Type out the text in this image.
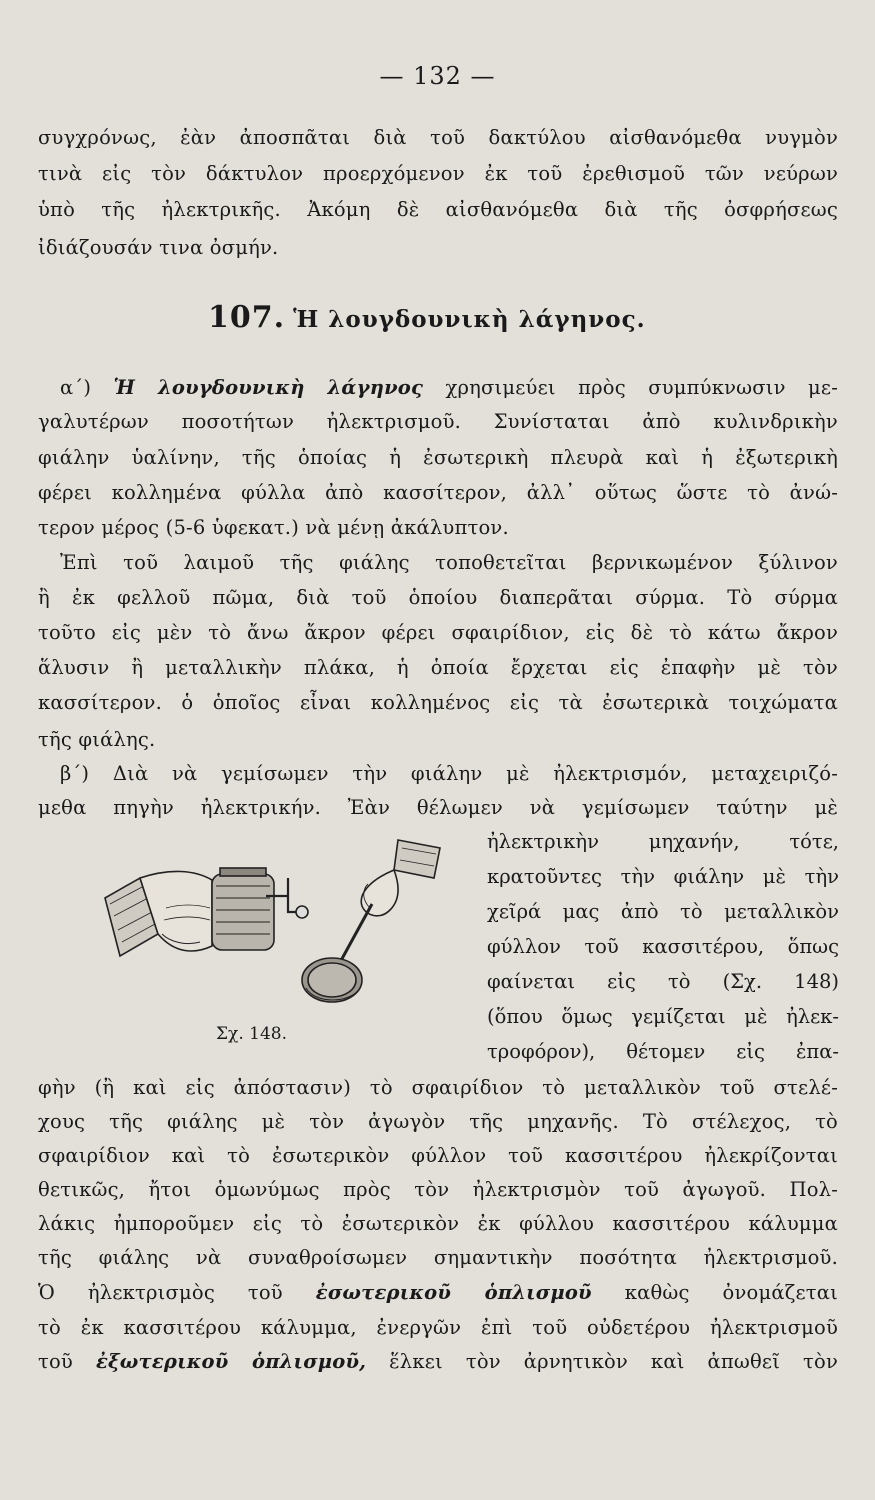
— 132 —
συγχρόνως, ἐὰν ἀποσπᾶται διὰ τοῦ δακτύλου αἰσθανόμεθα νυγμὸν
τινὰ εἰς τὸν δάκτυλον προερχόμενον ἐκ τοῦ ἐρεθισμοῦ τῶν νεύρων
ὑπὸ τῆς ἠλεκτρικῆς. Ἀκόμη δὲ αἰσθανόμεθα διὰ τῆς ὀσφρήσεως
ἰδιάζουσάν τινα ὀσμήν.
107. Ἡ λουγδουνικὴ λάγηνος.
α΄) Ἡ λουγδουνικὴ λάγηνος χρησιμεύει πρὸς συμπύκνωσιν με-
γαλυτέρων ποσοτήτων ἠλεκτρισμοῦ. Συνίσταται ἀπὸ κυλινδρικὴν
φιάλην ὑαλίνην, τῆς ὁποίας ἡ ἐσωτερικὴ πλευρὰ καὶ ἡ ἐξωτερικὴ
φέρει κολλημένα φύλλα ἀπὸ κασσίτερον, ἀλλ᾽ οὕτως ὥστε τὸ ἀνώ-
τερον μέρος (5-6 ὑφεκατ.) νὰ μένῃ ἀκάλυπτον.
Ἐπὶ τοῦ λαιμοῦ τῆς φιάλης τοποθετεῖται βερνικωμένον ξύλινον
ἢ ἐκ φελλοῦ πῶμα, διὰ τοῦ ὁποίου διαπερᾶται σύρμα. Τὸ σύρμα
τοῦτο εἰς μὲν τὸ ἄνω ἄκρον φέρει σφαιρίδιον, εἰς δὲ τὸ κάτω ἄκρον
ἅλυσιν ἢ μεταλλικὴν πλάκα, ἡ ὁποία ἔρχεται εἰς ἐπαφὴν μὲ τὸν
κασσίτερον. ὁ ὁποῖος εἶναι κολλημένος εἰς τὰ ἐσωτερικὰ τοιχώματα
τῆς φιάλης.
β΄) Διὰ νὰ γεμίσωμεν τὴν φιάλην μὲ ἠλεκτρισμόν, μεταχειριζό-
μεθα πηγὴν ἠλεκτρικήν. Ἐὰν θέλωμεν νὰ γεμίσωμεν ταύτην μὲ
ἠλεκτρικὴν μηχανήν, τότε,
κρατοῦντες τὴν φιάλην μὲ τὴν
χεῖρά μας ἀπὸ τὸ μεταλλικὸν
φύλλον τοῦ κασσιτέρου, ὅπως
φαίνεται εἰς τὸ (Σχ. 148)
(ὅπου ὅμως γεμίζεται μὲ ἠλεκ-
τροφόρον), θέτομεν εἰς ἐπα-
Σχ. 148.
φὴν (ἢ καὶ εἰς ἀπόστασιν) τὸ σφαιρίδιον τὸ μεταλλικὸν τοῦ στελέ-
χους τῆς φιάλης μὲ τὸν ἀγωγὸν τῆς μηχανῆς. Τὸ στέλεχος, τὸ
σφαιρίδιον καὶ τὸ ἐσωτερικὸν φύλλον τοῦ κασσιτέρου ἠλεκρίζονται
θετικῶς, ἤτοι ὁμωνύμως πρὸς τὸν ἠλεκτρισμὸν τοῦ ἀγωγοῦ. Πολ-
λάκις ἠμποροῦμεν εἰς τὸ ἐσωτερικὸν ἐκ φύλλου κασσιτέρου κάλυμμα
τῆς φιάλης νὰ συναθροίσωμεν σημαντικὴν ποσότητα ἠλεκτρισμοῦ.
Ὁ ἠλεκτρισμὸς τοῦ ἐσωτερικοῦ ὁπλισμοῦ καθὼς ὀνομάζεται
τὸ ἐκ κασσιτέρου κάλυμμα, ἐνεργῶν ἐπὶ τοῦ οὐδετέρου ἠλεκτρισμοῦ
τοῦ ἐξωτερικοῦ ὁπλισμοῦ, ἕλκει τὸν ἀρνητικὸν καὶ ἀπωθεῖ τὸν
